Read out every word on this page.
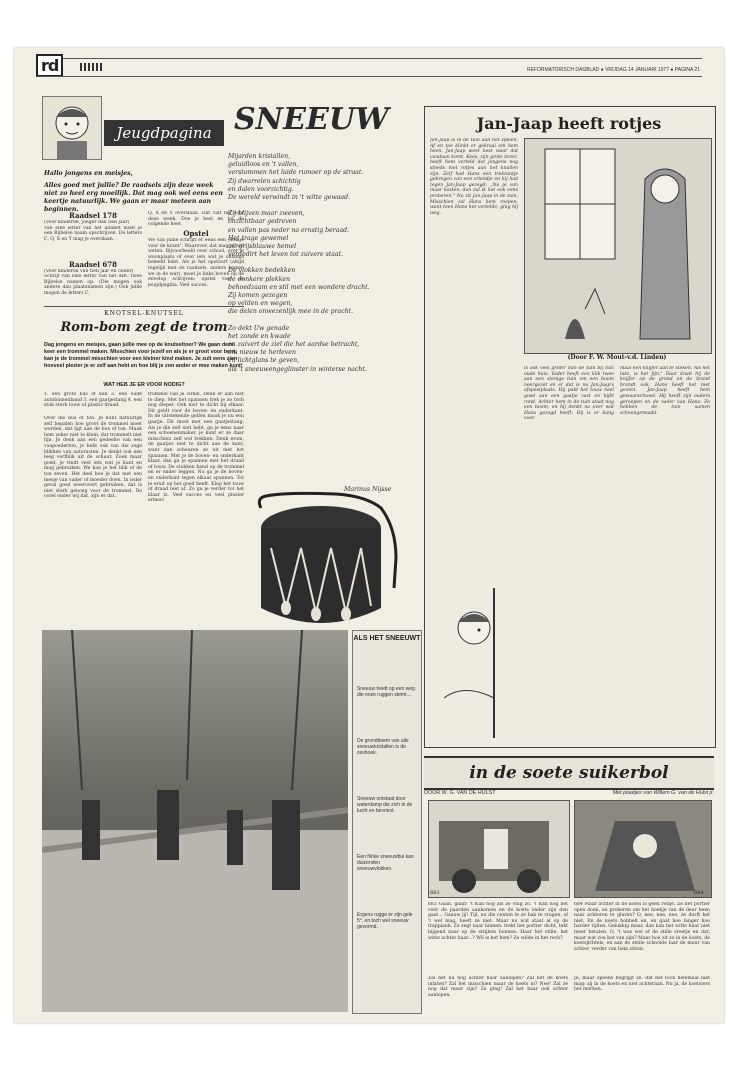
rd	REFORMATORISCH DAGBLAD ● VRIJDAG 14 JANUARI 1977 ● PAGINA 21
Jeugdpagina
Hallo jongens en meisjes,
Alles goed met jullie? De raadsels zijn deze week niet zo heel erg moeilijk. Dat mag ook wel eens een keertje natuurlijk. We gaan er maar meteen aan beginnen.
Raadsel 178
(Voor kinderen, jonger dan tien jaar)
Van elke letter van het alfabet moet je een Bijbelse naam opschrijven. De letters C, Q, X en Y mag je overslaan.
Raadsel 678
(Voor kinderen van tien jaar en ouder)
Schrijf van elke letter van het ABC twee Bijbelse namen op. (Die mogen ook andere dan plaatsnamen zijn.) Ook jullie mogen de letters C,
Q, X en Y overslaan. Dat valt hel voor deze week. Doe je best en tot de volgende keer.
Opstel
We van jullie schrijft er eens een „stukje voor de krant". Waarover, dat mag je zelf weten. Bijvoorbeeld over school, over je woonplaats of over iets wat je onlangs beleefd hebt. Als je het opstuurt (altijd tegelijk met de raadsels, anders komen we in de war), moet je links boven op de envelop schrijven: opstel voor de jeugdpagina. Veel succes.
KNOTSEL-KNUTSEL
Rom-bom zegt de trom
Dag jongens en meisjes, gaan jullie mee op de knutseltoer? We gaan deze keer een trommel maken. Misschien voor jezelf en als je er groot voor bent, kan je de trommel misschien voor een kleiner kind maken. Je zult eens zien hoeveel plezier je er zelf aan hebt en hoe blij je zon ander er mee maken kunt!
WAT HEB JE ER VOOR NODIG?
1. een grote bus of kan 2. een oude autobinnenband 3. een gaatjestang 4. een stuk sterk touw of plastic-draad.
Over die bus of ton. Je kunt natuurlijk zelf bepalen hoe groot de trommel moet worden, dat ligt aan de bus of ton. Maak hem zeker niet te klein, dat trommelt niet fijn. Je denk aan een gedeelte van een vaapoederton, je hebt ook van die zoge blikken van autorasten. Je denkt ook een leeg verfblik uit de schuur. Zoek maar goed, je vindt veel iets wat je kunt en mag gebruiken. We kan je het blik of de ton zeven. Het deel hoe je dat met een mesje van vader of moeder doen. In ieder geval goed weerovert gebruiken, dat is niet sterk genoeg voor de trommel. De vorel onder wij dat, zijn er dat.
trommel van je cirkel. Denk er aan niet te diep. Met het spannen trek je ze toch nog dieper. Ook niet te dicht bij elkaar. Dit geldt voor de boven- en onderkant. In de uitstekende gelfen maak je nu een gaatje. Dit moet met een gaatjestang. Als je die zelf niet hebt, ga je eens naar een schoenenmaker, je kunt er ze daar misschien zelf wel trekken. Denk erom, de gaatjes niet te dicht aan de kant, want dan scheuren ze uit met het spannen. Met je de boven- en onderkant klaar, dan ga je spannen met het draad of touw. De stukken band op de trommel en er onder leggen. Nu ga je de boven- en onderkant tegen elkaar spannen. Tot je eruit op het goed heeft. Klop het touw of draad niet af. Zo ga je verder tot het klaar is. Veel succes en veel plezier ermee!
SNEEUW
Mijarden kristallen,
geluidloos en 't vallen,
verstommen het luide rumoer op de straat.
Zij dwarrelen schichtig
en dalen voorzichtig.
De wereld verwindt in 't witte gewaad.
Zij blijven maar zweven,
onzichtbaar gedreven
en vallen pas neder na ernstig beraad.
Het trage gewemel
uit grijsblauwe hemel
verdedirt het leven tot zuivere staat.
De vlokken bedekken
de donkere plekken
behoedzaam en stil met een wondere dracht.
Zij komen gezegen
op velden en wegen,
die delen onwezenlijk mee in de pracht.
Zo dekt Uw genade
het zonde en kwade
en zuivert de ziel die het aardse betracht,
om nieuw te herleven
en lichtglans te geven,
als 't sneeuwengeglinster in winterse nacht.
Marinus Nijsse
Jan-Jaap heeft rotjes
Jan-Jaap is in de tuin aan het spelen. Af en toe klinkt er gekraai om hem heen. Jan-Jaap weet best waar dat vandaan komt. Kees, zijn grote broer, heeft hem verteld dat jongens nog steeds met rotjes aan het knallen zijn. Zelf had Hans een trekrantje gekregen van een vriendje en hij had tegen Jan-Jaap gezegd: „Na je van maar kosten, dan zul ik het ook eens proberen." Nu zit Jan-Jaap in de tuin. Misschien zal Hans hem roepen, want toen Hans het vertelde, ging hij weg.
(Door F. W. Mout-v.d. Linden)
is ook veel groter dan de tuin bij hun oude huis. Vader heeft een klik twee aan een stenige tuin om een boom neergezet en er dat is nu Jan-Jaap's afspeelplaats. Hij pakt het touw heel goed aan een gaatje vast en kijkt rond. Achter hem in de tuin staat nog een boom, en hij denkt na over wat Hans gezegd heeft. Hij is er bang voor.
maal een knijfer aan te steken. Als het lukt, is het fijn." Daar knalt hij de knijfer op de grond en de brand brandt ook. Hans heeft het niet gezien. Jan-Jaap heeft hem gewaarschuwd. Hij heeft zijn ouders geroepen en de vader van Hans. Ze hebben de tuin samen schoongemaakt.
ALS HET SNEEUWT
Sneeuw heeft op een weg die onze ruggen stemt...
De grondboem van alle sneeuwkristallen is de zeshoek.
Sneeuw ontstaat door waterdamp die zich in de lucht en bevriest.
Een flinke sneeuwbui kan duizenden sneeuwvlokken.
Ergens rugge er zijn gele 5°, en toch wel sneeuw gevormd.
in de soete suikerbol
DOOR W. G. VAN DE HULST	Met plaatjes van Willem G. van de Hulst jr.
683	684
683 Gaan, gaan! 't Kan nog als ze vlug zo. 't Kan nog net vóór de paarden aankomen en de koets onder zijn den gaat... Gaauw jij! Tijl, nu die centen te ze bak te vragen, of 't wel mag, heeft ze niet. Maar nu wat staat al op de trapplank. Ze zegt naar binnen: trekt het portier dicht, tekt bijgend naar op de strijken bonnen. Haar het stille, het witte achter haar...? Wil is het hem? Ze wilde in het rech?
Zal het nu nog achter haar aanlopen? Zal het de koets inlaten? Zal het misschien maar de koets in? Nee! Zal ze nog dat maar zijn? Ze ging! Zal het haar ook achter aanlopen.
684 Maar achter in de koets is geen rotlje. Ze het portier open doen, en proberen om het hoekje van de deur heen naar achteren te gluren? O, nee, nee, nee, ze durft het niet. En de koets hobbelt en, en gaat hoe langer hoe harder rijden. Gelukkig maar, dan kan het witte haar niet meer betalen. O, 't was wel of de stille sreetje en dat, maar wat zou het van zijn? Maar hoe zit zo in de koets, de koetsjlchtels, en aan de steile schoolde laar de muur van achter, verder van hem zitten.
Je, maar opeens begrijpt ze, dat het toch helemaal niet mag: zij in de koets en niet achteraan. Nu ja, de koetsiers het merken.
